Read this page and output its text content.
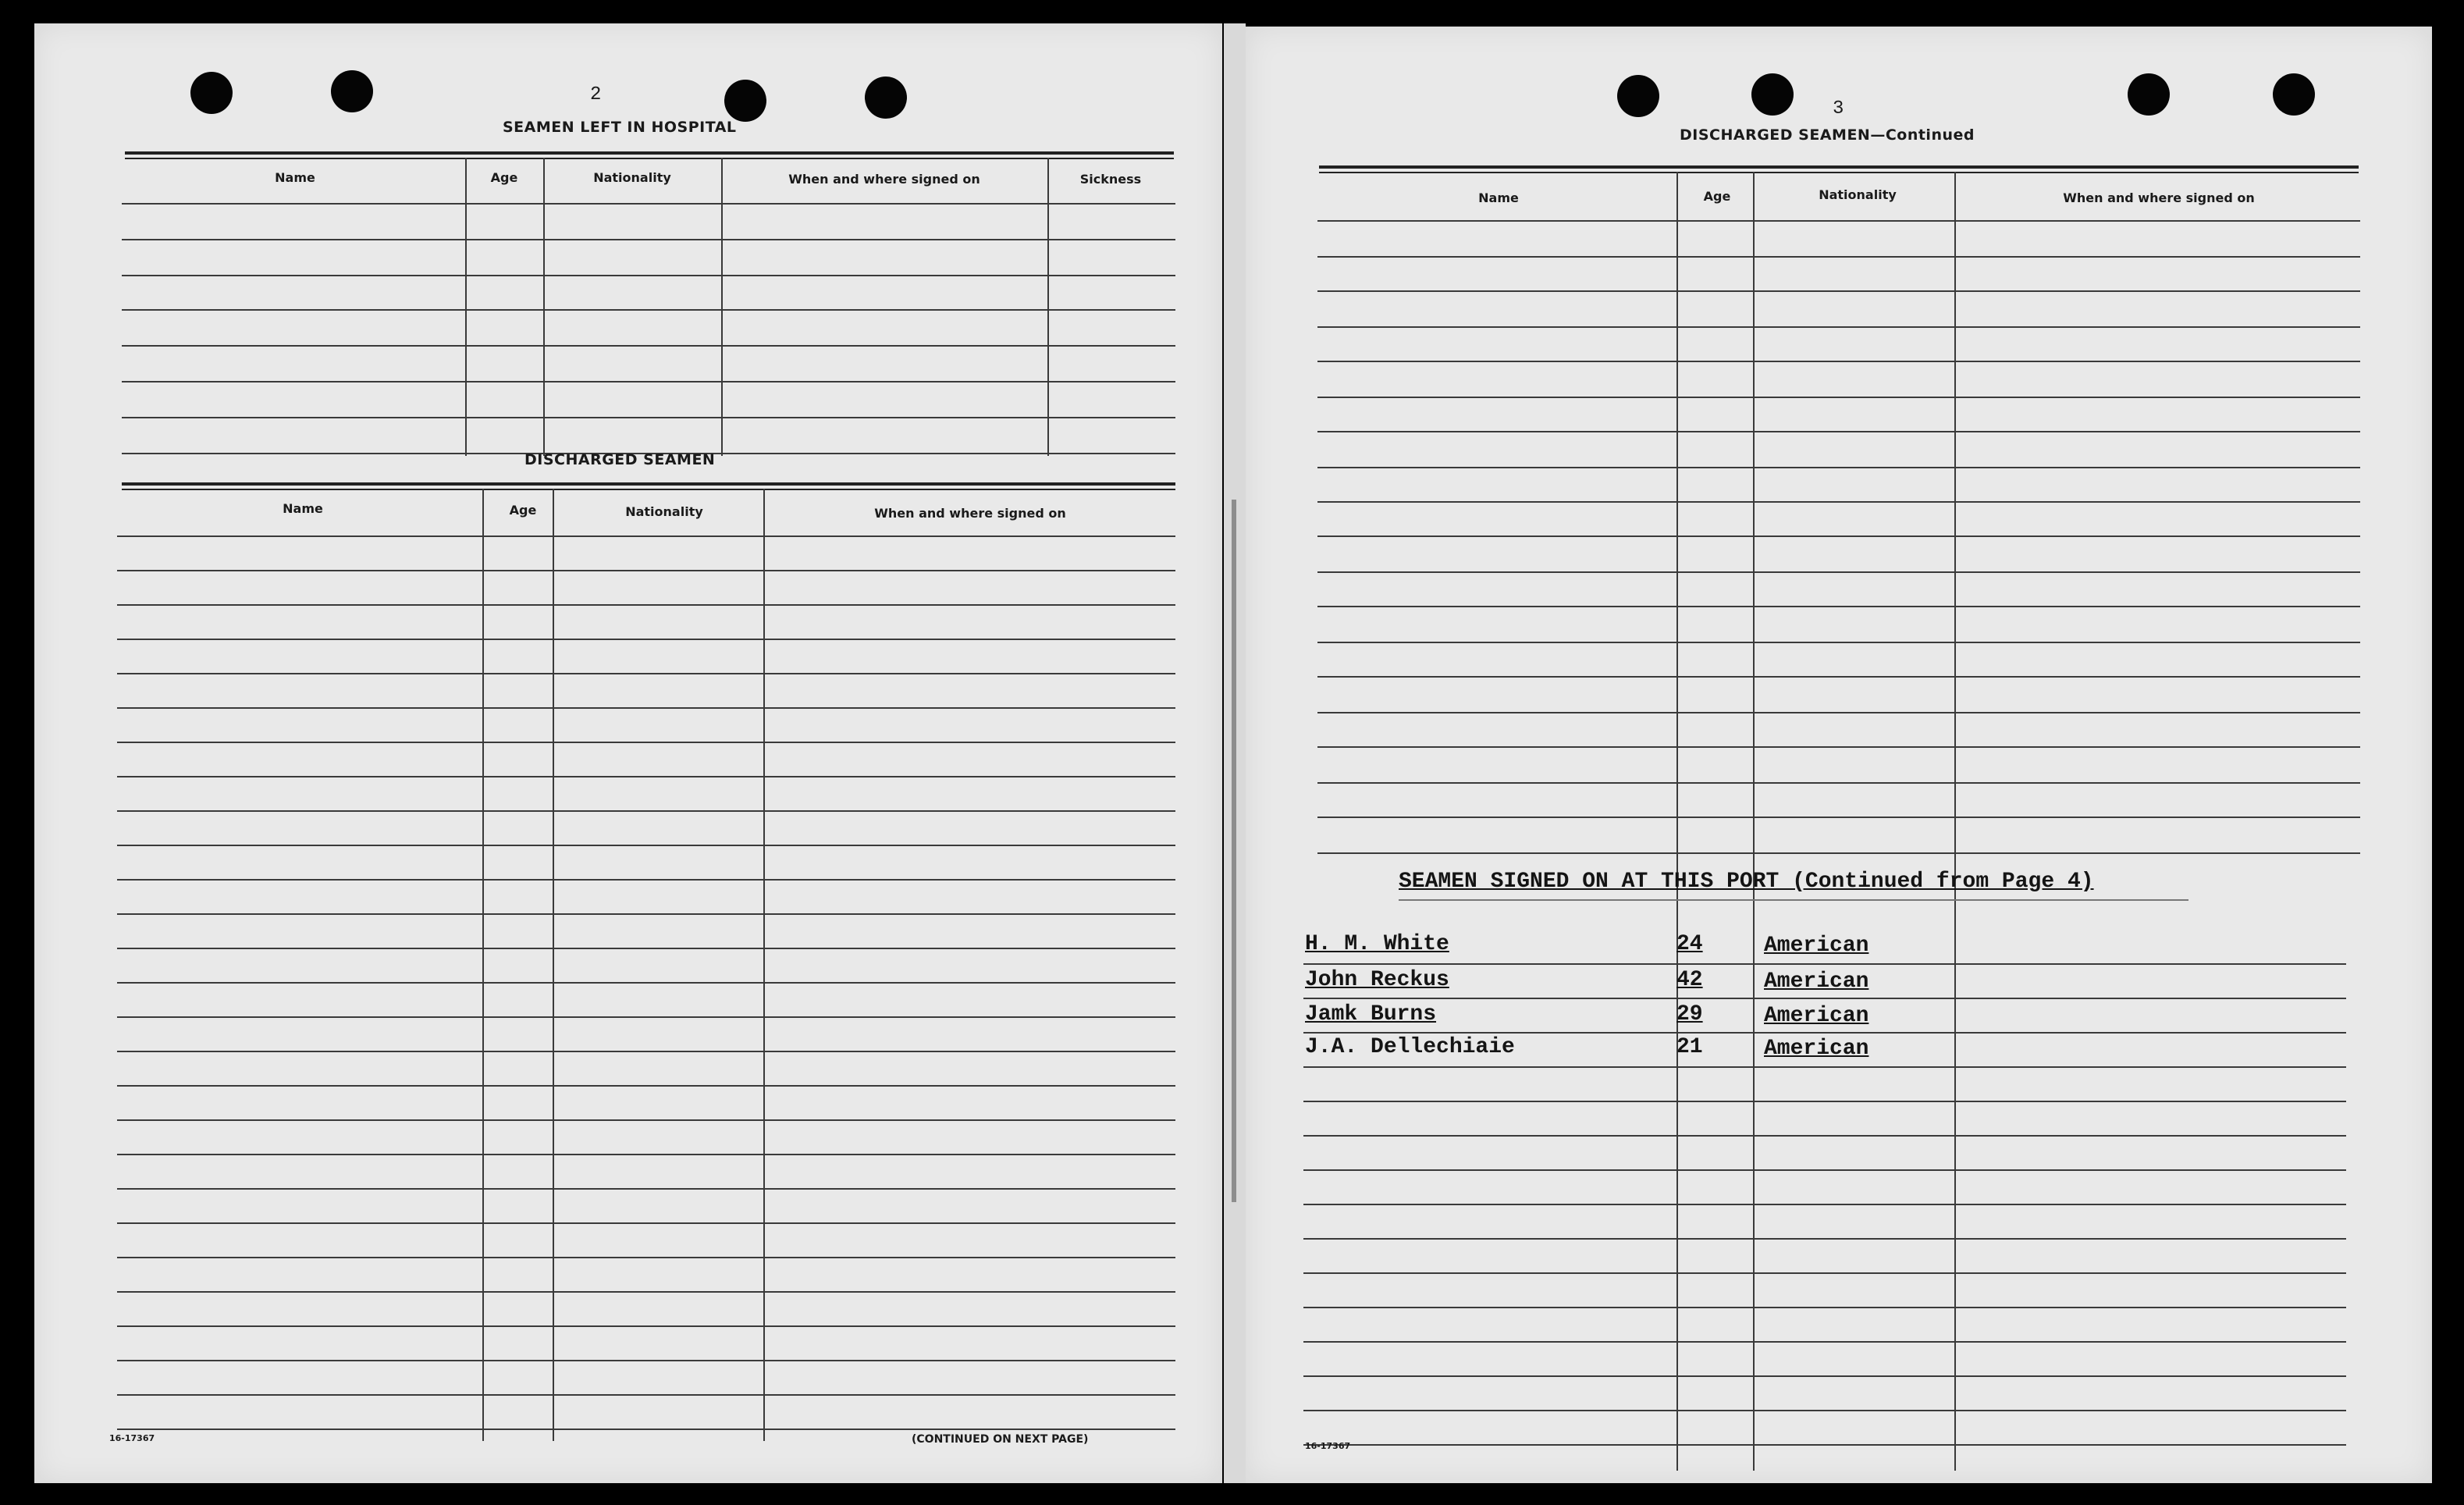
2
SEAMEN LEFT IN HOSPITAL
Name	Age	Nationality	When and where signed on	Sickness
DISCHARGED SEAMEN
Name	Age	Nationality	When and where signed on
16-17367	(CONTINUED ON NEXT PAGE)
3
DISCHARGED SEAMEN—Continued
Name	Age	Nationality	When and where signed on
SEAMEN SIGNED ON AT THIS PORT (Continued from Page 4)
H. M. White	24	American
John Reckus	42	American
Jamk Burns	29	American
J.A. Dellechiaie	21	American
16-17367
